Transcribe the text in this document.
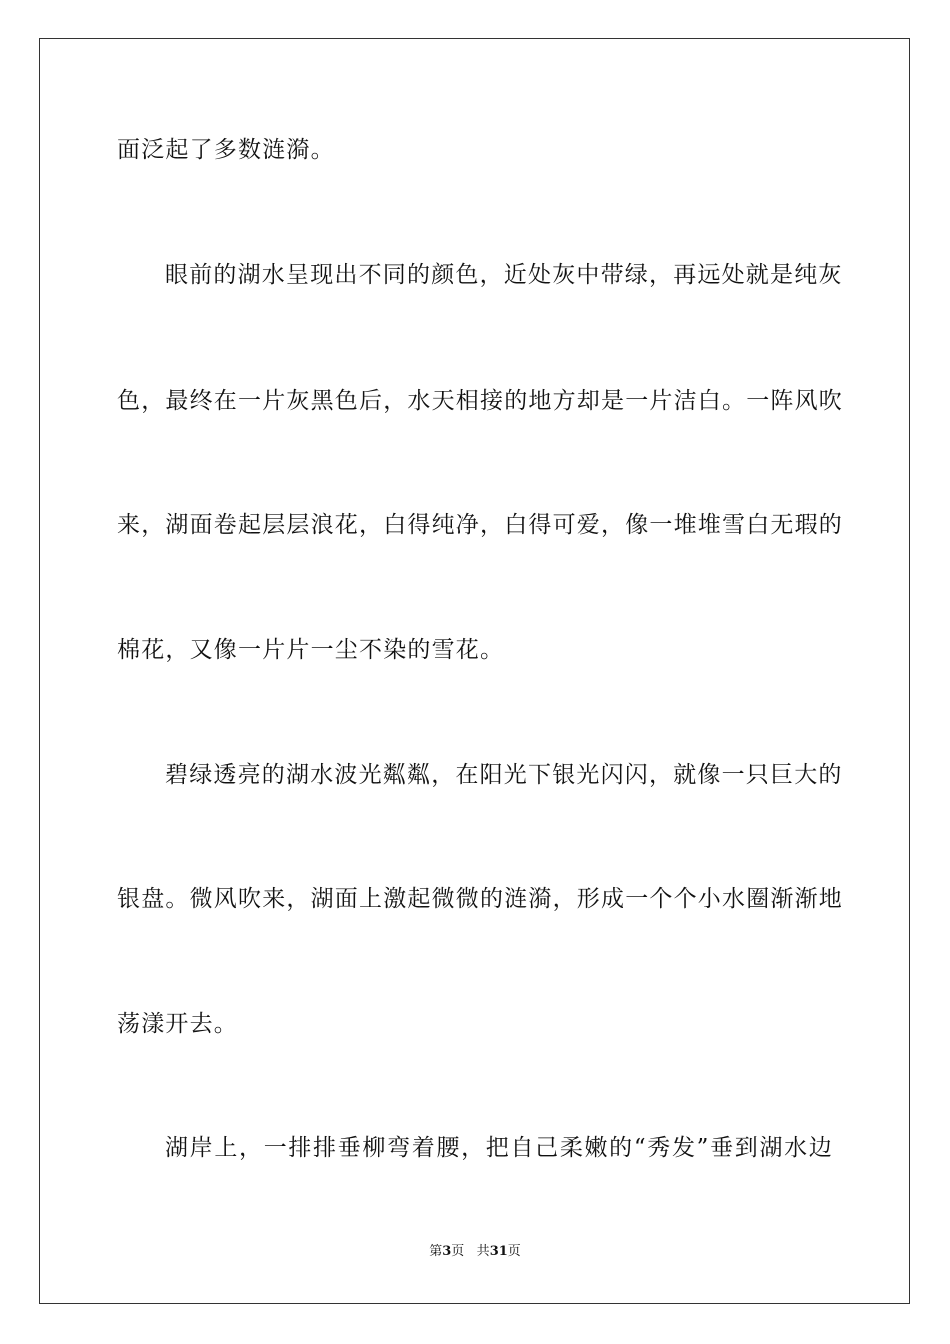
面泛起了多数涟漪。
眼前的湖水呈现出不同的颜色，近处灰中带绿，再远处就是纯灰
色，最终在一片灰黑色后，水天相接的地方却是一片洁白。一阵风吹
来，湖面卷起层层浪花，白得纯净，白得可爱，像一堆堆雪白无瑕的
棉花，又像一片片一尘不染的雪花。
碧绿透亮的湖水波光粼粼，在阳光下银光闪闪，就像一只巨大的
银盘。微风吹来，湖面上激起微微的涟漪，形成一个个小水圈渐渐地
荡漾开去。
湖岸上，一排排垂柳弯着腰，把自己柔嫩的“秀发”垂到湖水边
第3页 共31页
